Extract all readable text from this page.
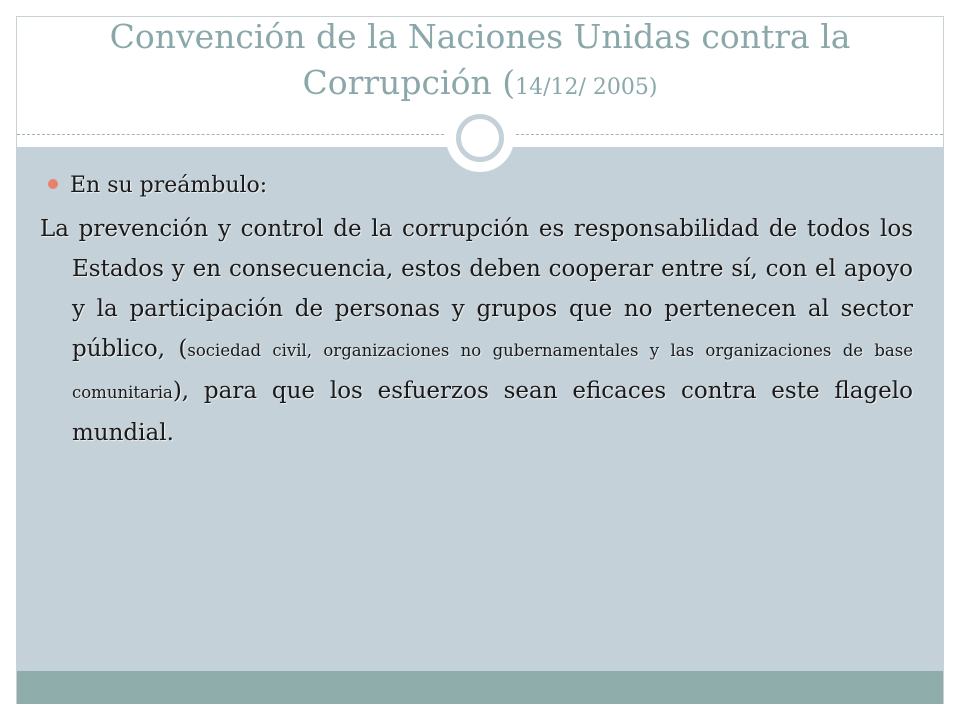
Convención de la Naciones Unidas contra la
Corrupción (14/12/ 2005)
En su preámbulo:
La prevención y control de la corrupción es responsabilidad de todos los Estados y en consecuencia, estos deben cooperar entre sí, con el apoyo y la participación de personas y grupos que no pertenecen al sector público, (sociedad civil, organizaciones no gubernamentales y las organizaciones de base comunitaria), para que los esfuerzos sean eficaces contra este flagelo mundial.
